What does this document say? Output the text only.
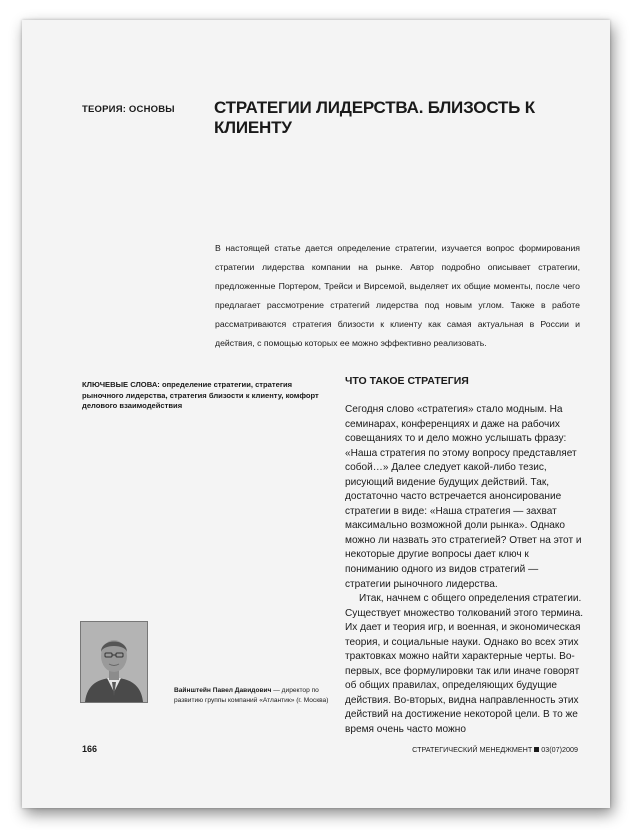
ТЕОРИЯ: ОСНОВЫ СТРАТЕГИИ ЛИДЕРСТВА. БЛИЗОСТЬ К КЛИЕНТУ

В настоящей статье дается определение стратегии, изучается вопрос формирования стратегии лидерства компании на рынке. Автор подробно описывает стратегии, предложенные Портером, Трейси и Вирсемой, выделяет их общие моменты, после чего предлагает рассмотрение стратегий лидерства под новым углом. Также в работе рассматриваются стратегия близости к клиенту как самая актуальная в России и действия, с помощью которых ее можно эффективно реализовать.

КЛЮЧЕВЫЕ СЛОВА: определение стратегии, стратегия рыночного лидерства, стратегия близости к клиенту, комфорт делового взаимодействия

ЧТО ТАКОЕ СТРАТЕГИЯ

Сегодня слово «стратегия» стало модным. На семинарах, конференциях и даже на рабочих совещаниях то и дело можно услышать фразу: «Наша стратегия по этому вопросу представляет собой…» Далее следует какой-либо тезис, рисующий видение будущих действий. Так, достаточно часто встречается анонсирование стратегии в виде: «Наша стратегия — захват максимально возможной доли рынка». Однако можно ли назвать это стратегией? Ответ на этот и некоторые другие вопросы дает ключ к пониманию одного из видов стратегий — стратегии рыночного лидерства.

Итак, начнем с общего определения стратегии. Существует множество толкований этого термина. Их дает и теория игр, и военная, и экономическая теория, и социальные науки. Однако во всех этих трактовках можно найти характерные черты. Во-первых, все формулировки так или иначе говорят об общих правилах, определяющих будущие действия. Во-вторых, видна направленность этих действий на достижение некоторой цели. В то же время очень часто можно

Вайнштейн Павел Давидович — директор по развитию группы компаний «Атлантик» (г. Москва)

166	СТРАТЕГИЧЕСКИЙ МЕНЕДЖМЕНТ 03(07)2009
